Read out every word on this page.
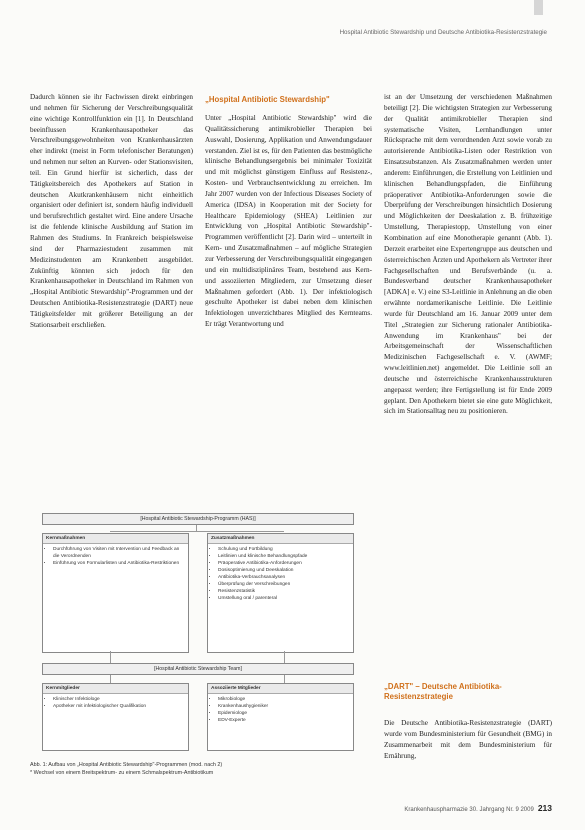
Hospital Antibiotic Stewardship und Deutsche Antibiotika-Resistenzstrategie

Dadurch können sie ihr Fachwissen direkt einbringen und nehmen für Sicherung der Verschreibungsqualität eine wichtige Kontrollfunktion ein [1]. In Deutschland beeinflussen Krankenhausapotheker das Verschreibungsgewohnheiten von Krankenhausärzten eher indirekt (meist in Form telefonischer Beratungen) und nehmen nur selten an Kurven- oder Stationsvisiten, teil. Ein Grund hierfür ist sicherlich, dass der Tätigkeitsbereich des Apothekers auf Station in deutschen Akutkrankenhäusern nicht einheitlich organisiert oder definiert ist, sondern häufig individuell und berufsrechtlich gestaltet wird. Eine andere Ursache ist die fehlende klinische Ausbildung auf Station im Rahmen des Studiums. In Frankreich beispielsweise sind der Pharmaziestudent zusammen mit Medizinstudenten am Krankenbett ausgebildet. Zukünftig könnten sich jedoch für den Krankenhausapotheker in Deutschland im Rahmen von „Hospital Antibiotic Stewardship"-Programmen und der Deutschen Antibiotika-Resistenzstrategie (DART) neue Tätigkeitsfelder mit größerer Beteiligung an der Stationsarbeit erschließen.

„Hospital Antibiotic Stewardship"

Unter „Hospital Antibiotic Stewardship" wird die Qualitätssicherung antimikrobieller Therapien bei Auswahl, Dosierung, Applikation und Anwendungsdauer verstanden. Ziel ist es, für den Patienten das bestmögliche klinische Behandlungsergebnis bei minimaler Toxizität und mit möglichst günstigem Einfluss auf Resistenz-, Kosten- und Verbrauchsentwicklung zu erreichen. Im Jahr 2007 wurden von der Infectious Diseases Society of America (IDSA) in Kooperation mit der Society for Healthcare Epidemiology (SHEA) Leitlinien zur Entwicklung von „Hospital Antibiotic Stewardship"-Programmen veröffentlicht [2]. Darin wird – unterteilt in Kern- und Zusatzmaßnahmen – auf mögliche Strategien zur Verbesserung der Verschreibungsqualität eingegangen und ein multidisziplinäres Team, bestehend aus Kern- und assoziierten Mitgliedern, zur Umsetzung dieser Maßnahmen gefordert (Abb. 1). Der infektiologisch geschulte Apotheker ist dabei neben dem klinischen Infektiologen unverzichtbares Mitglied des Kernteams. Er trägt Verantwortung und

ist an der Umsetzung der verschiedenen Maßnahmen beteiligt [2]. Die wichtigsten Strategien zur Verbesserung der Qualität antimikrobieller Therapien sind systematische Visiten, Lernhandlungen unter Rücksprache mit dem verordnenden Arzt sowie vorab zu autorisierende Antibiotika-Listen oder Restriktion von Einsatzsubstanzen. Als Zusatzmaßnahmen werden unter anderem: Einführungen, die Erstellung von Leitlinien und klinischen Behandlungspfaden, die Einführung präoperativer Antibiotika-Anforderungen sowie die Überprüfung der Verschreibungen hinsichtlich Dosierung und Möglichkeiten der Deeskalation z. B. frühzeitige Umstellung, Therapiestopp, Umstellung von einer Kombination auf eine Monotherapie genannt (Abb. 1). Derzeit erarbeitet eine Expertengruppe aus deutschen und österreichischen Ärzten und Apothekern als Vertreter ihrer Fachgesellschaften und Berufsverbände (u. a. Bundesverband deutscher Krankenhausapotheker [ADKA] e. V.) eine S3-Leitlinie in Anlehnung an die oben erwähnte nordamerikanische Leitlinie. Die Leitlinie wurde für Deutschland am 16. Januar 2009 unter dem Titel „Strategien zur Sicherung rationaler Antibiotika-Anwendung im Krankenhaus" bei der Arbeitsgemeinschaft der Wissenschaftlichen Medizinischen Fachgesellschaft e. V. (AWMF; www.leitlinien.net) angemeldet. Die Leitlinie soll an deutsche und österreichische Krankenhausstrukturen angepasst werden; ihre Fertigstellung ist für Ende 2009 geplant. Den Apothekern bietet sie eine gute Möglichkeit, sich im Stationsalltag neu zu positionieren.

„DART" – Deutsche Antibiotika-Resistenzstrategie

Die Deutsche Antibiotika-Resistenzstrategie (DART) wurde vom Bundesministerium für Gesundheit (BMG) in Zusammenarbeit mit dem Bundesministerium für Ernährung,

[Hospital Antibiotic Stewardship-Programm (HAS)]
Kernmaßnahmen
• Durchführung von Visiten mit Intervention und Feedback an die Verordnenden
• Einführung von Formularlisten und Antibiotika-Restriktionen
Zusatzmaßnahmen
• Schulung und Fortbildung
• Leitlinien und klinische Behandlungspfade
• Präoperative Antibiotika-Anforderungen
• Dosisoptimierung und Deeskalation
• Antibiotika-Verbrauchsanalysen
• Überprüfung der Verschreibungen
• Resistenzstatistik
• Umstellung oral / parenteral
[Hospital Antibiotic Stewardship Team]
Kernmitglieder
• Klinischer Infektiologe
• Apotheker mit infektiologischer Qualifikation
Assoziierte Mitglieder
• Mikrobiologe
• Krankenhaushygieniker
• Epidemiologe
• EDV-Experte
Abb. 1: Aufbau von „Hospital Antibiotic Stewardship"-Programmen (mod. nach 2)
* Wechsel von einem Breitspektrum- zu einem Schmalspektrum-Antibiotikum
Krankenhauspharmazie 30. Jahrgang Nr. 9 2009 213
